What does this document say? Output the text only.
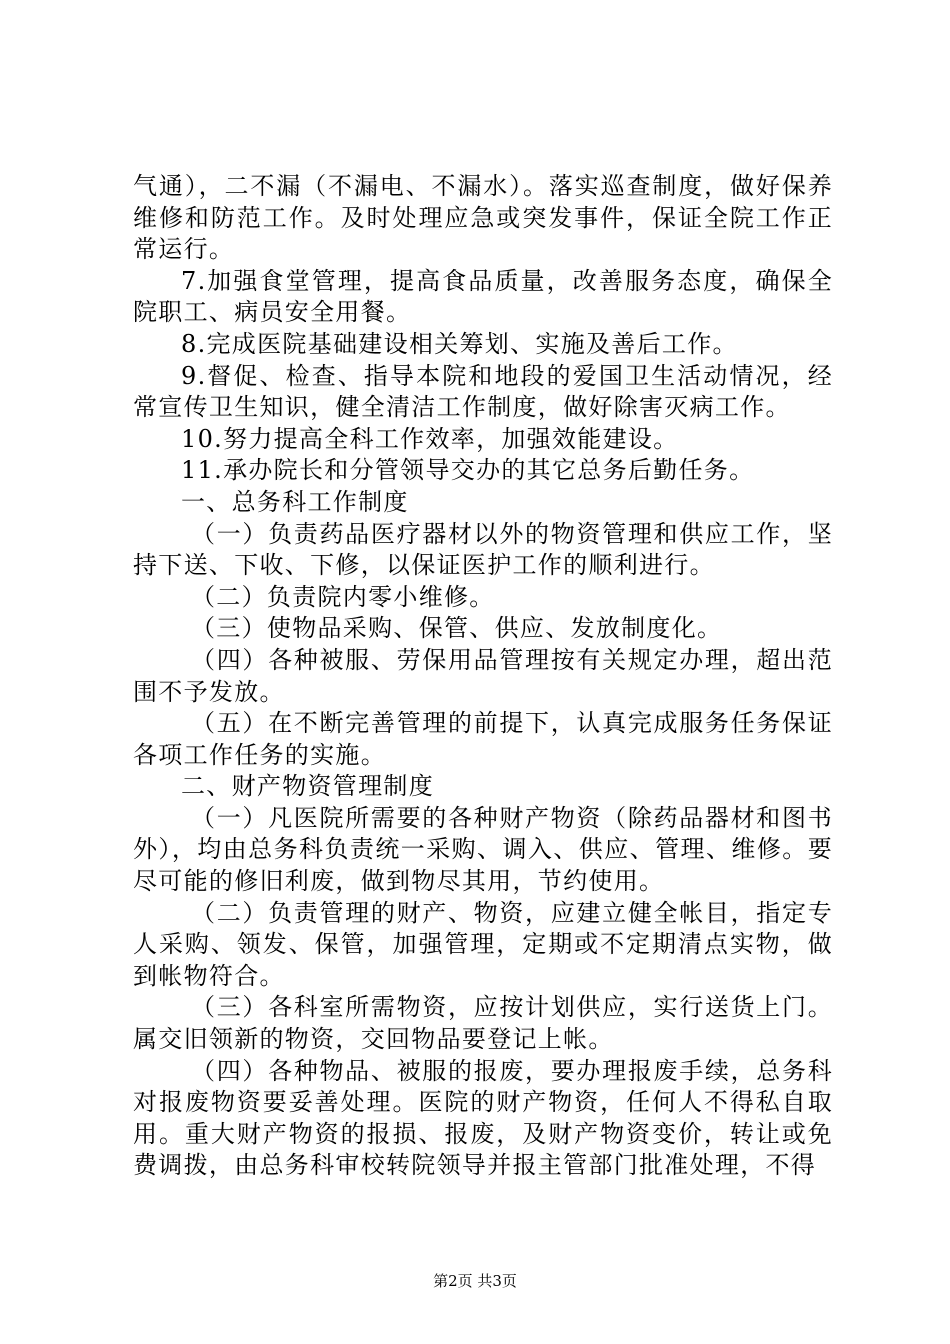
气通），二不漏（不漏电、不漏水）。落实巡查制度，做好保养维修和防范工作。及时处理应急或突发事件，保证全院工作正常运行。

7.加强食堂管理，提高食品质量，改善服务态度，确保全院职工、病员安全用餐。

8.完成医院基础建设相关筹划、实施及善后工作。

9.督促、检查、指导本院和地段的爱国卫生活动情况，经常宣传卫生知识，健全清洁工作制度，做好除害灭病工作。

10.努力提高全科工作效率，加强效能建设。

11.承办院长和分管领导交办的其它总务后勤任务。

一、总务科工作制度

（一）负责药品医疗器材以外的物资管理和供应工作，坚持下送、下收、下修，以保证医护工作的顺利进行。

（二）负责院内零小维修。

（三）使物品采购、保管、供应、发放制度化。

（四）各种被服、劳保用品管理按有关规定办理，超出范围不予发放。

（五）在不断完善管理的前提下，认真完成服务任务保证各项工作任务的实施。

二、财产物资管理制度

（一）凡医院所需要的各种财产物资（除药品器材和图书外），均由总务科负责统一采购、调入、供应、管理、维修。要尽可能的修旧利废，做到物尽其用，节约使用。

（二）负责管理的财产、物资，应建立健全帐目，指定专人采购、领发、保管，加强管理，定期或不定期清点实物，做到帐物符合。

（三）各科室所需物资，应按计划供应，实行送货上门。属交旧领新的物资，交回物品要登记上帐。

（四）各种物品、被服的报废，要办理报废手续，总务科对报废物资要妥善处理。医院的财产物资，任何人不得私自取用。重大财产物资的报损、报废，及财产物资变价，转让或免费调拨，由总务科审校转院领导并报主管部门批准处理，不得

第2页 共3页
